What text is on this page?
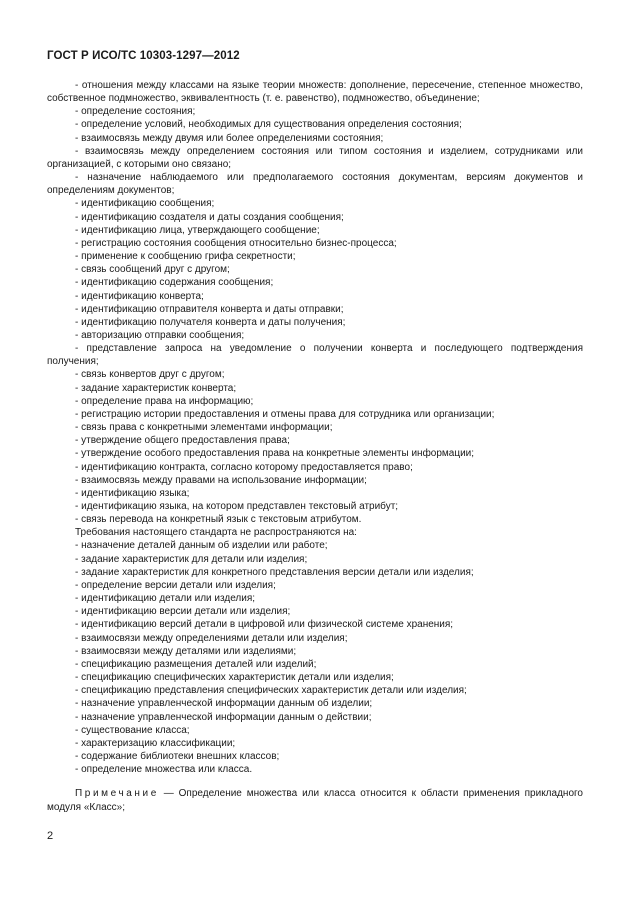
ГОСТ Р ИСО/ТС 10303-1297—2012
- отношения между классами на языке теории множеств: дополнение, пересечение, степенное множество, собственное подмножество, эквивалентность (т. е. равенство), подмножество, объединение;
- определение состояния;
- определение условий, необходимых для существования определения состояния;
- взаимосвязь между двумя или более определениями состояния;
- взаимосвязь между определением состояния или типом состояния и изделием, сотрудниками или организацией, с которыми оно связано;
- назначение наблюдаемого или предполагаемого состояния документам, версиям документов и определениям документов;
- идентификацию сообщения;
- идентификацию создателя и даты создания сообщения;
- идентификацию лица, утверждающего сообщение;
- регистрацию состояния сообщения относительно бизнес-процесса;
- применение к сообщению грифа секретности;
- связь сообщений друг с другом;
- идентификацию содержания сообщения;
- идентификацию конверта;
- идентификацию отправителя конверта и даты отправки;
- идентификацию получателя конверта и даты получения;
- авторизацию отправки сообщения;
- представление запроса на уведомление о получении конверта и последующего подтверждения получения;
- связь конвертов друг с другом;
- задание характеристик конверта;
- определение права на информацию;
- регистрацию истории предоставления и отмены права для сотрудника или организации;
- связь права с конкретными элементами информации;
- утверждение общего предоставления права;
- утверждение особого предоставления права на конкретные элементы информации;
- идентификацию контракта, согласно которому предоставляется право;
- взаимосвязь между правами на использование информации;
- идентификацию языка;
- идентификацию языка, на котором представлен текстовый атрибут;
- связь перевода на конкретный язык с текстовым атрибутом.
Требования настоящего стандарта не распространяются на:
- назначение деталей данным об изделии или работе;
- задание характеристик для детали или изделия;
- задание характеристик для конкретного представления версии детали или изделия;
- определение версии детали или изделия;
- идентификацию детали или изделия;
- идентификацию версии детали или изделия;
- идентификацию версий детали в цифровой или физической системе хранения;
- взаимосвязи между определениями детали или изделия;
- взаимосвязи между деталями или изделиями;
- спецификацию размещения деталей или изделий;
- спецификацию специфических характеристик детали или изделия;
- спецификацию представления специфических характеристик детали или изделия;
- назначение управленческой информации данным об изделии;
- назначение управленческой информации данным о действии;
- существование класса;
- характеризацию классификации;
- содержание библиотеки внешних классов;
- определение множества или класса.
Примечание — Определение множества или класса относится к области применения прикладного модуля «Класс»;
2
